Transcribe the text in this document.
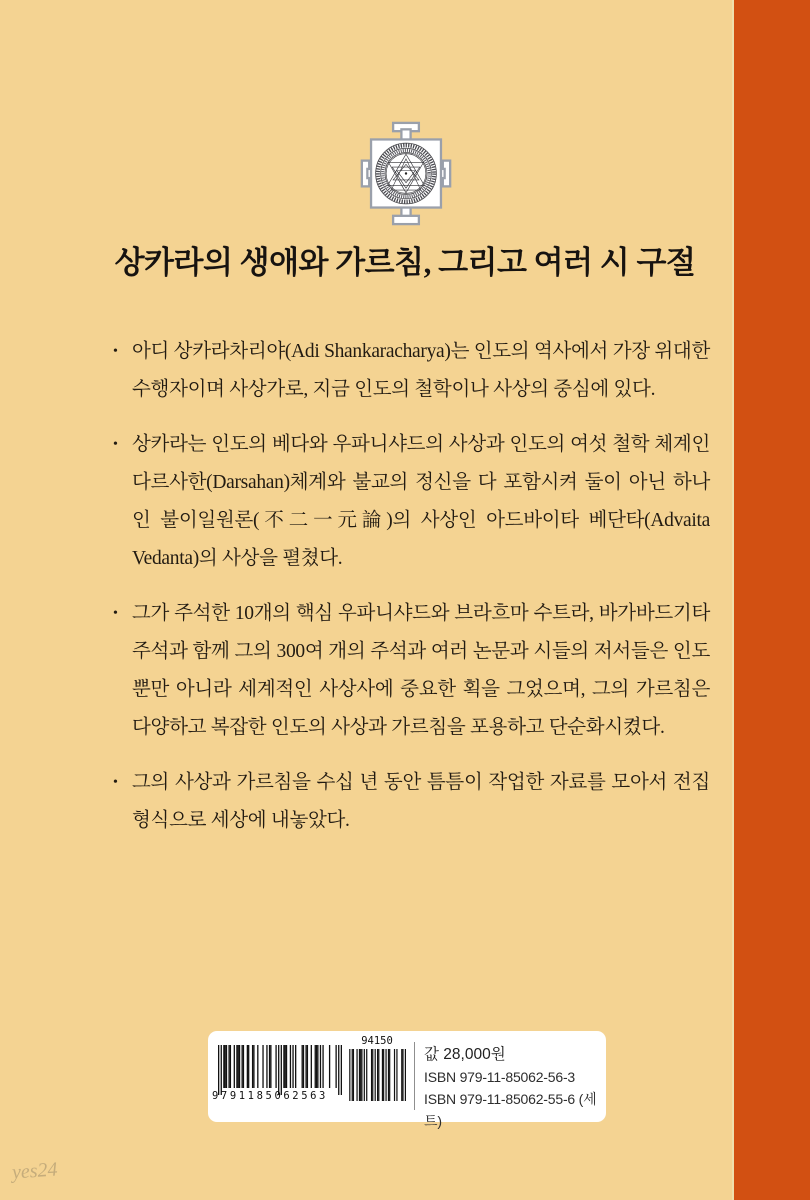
상카라의 생애와 가르침, 그리고 여러 시 구절

• 아디 상카라차리야(Adi Shankaracharya)는 인도의 역사에서 가장 위대한 수행자이며 사상가로, 지금 인도의 철학이나 사상의 중심에 있다.

• 상카라는 인도의 베다와 우파니샤드의 사상과 인도의 여섯 철학 체계인 다르사한(Darsahan)체계와 불교의 정신을 다 포함시켜 둘이 아닌 하나인 불이일원론(不二一元論)의 사상인 아드바이타 베단타(Advaita Vedanta)의 사상을 펼쳤다.

• 그가 주석한 10개의 핵심 우파니샤드와 브라흐마 수트라, 바가바드기타 주석과 함께 그의 300여 개의 주석과 여러 논문과 시들의 저서들은 인도뿐만 아니라 세계적인 사상사에 중요한 획을 그었으며, 그의 가르침은 다양하고 복잡한 인도의 사상과 가르침을 포용하고 단순화시켰다.

• 그의 사상과 가르침을 수십 년 동안 틈틈이 작업한 자료를 모아서 전집 형식으로 세상에 내놓았다.

9791185062563
94150
값 28,000원
ISBN 979-11-85062-56-3
ISBN 979-11-85062-55-6 (세트)
yes24
